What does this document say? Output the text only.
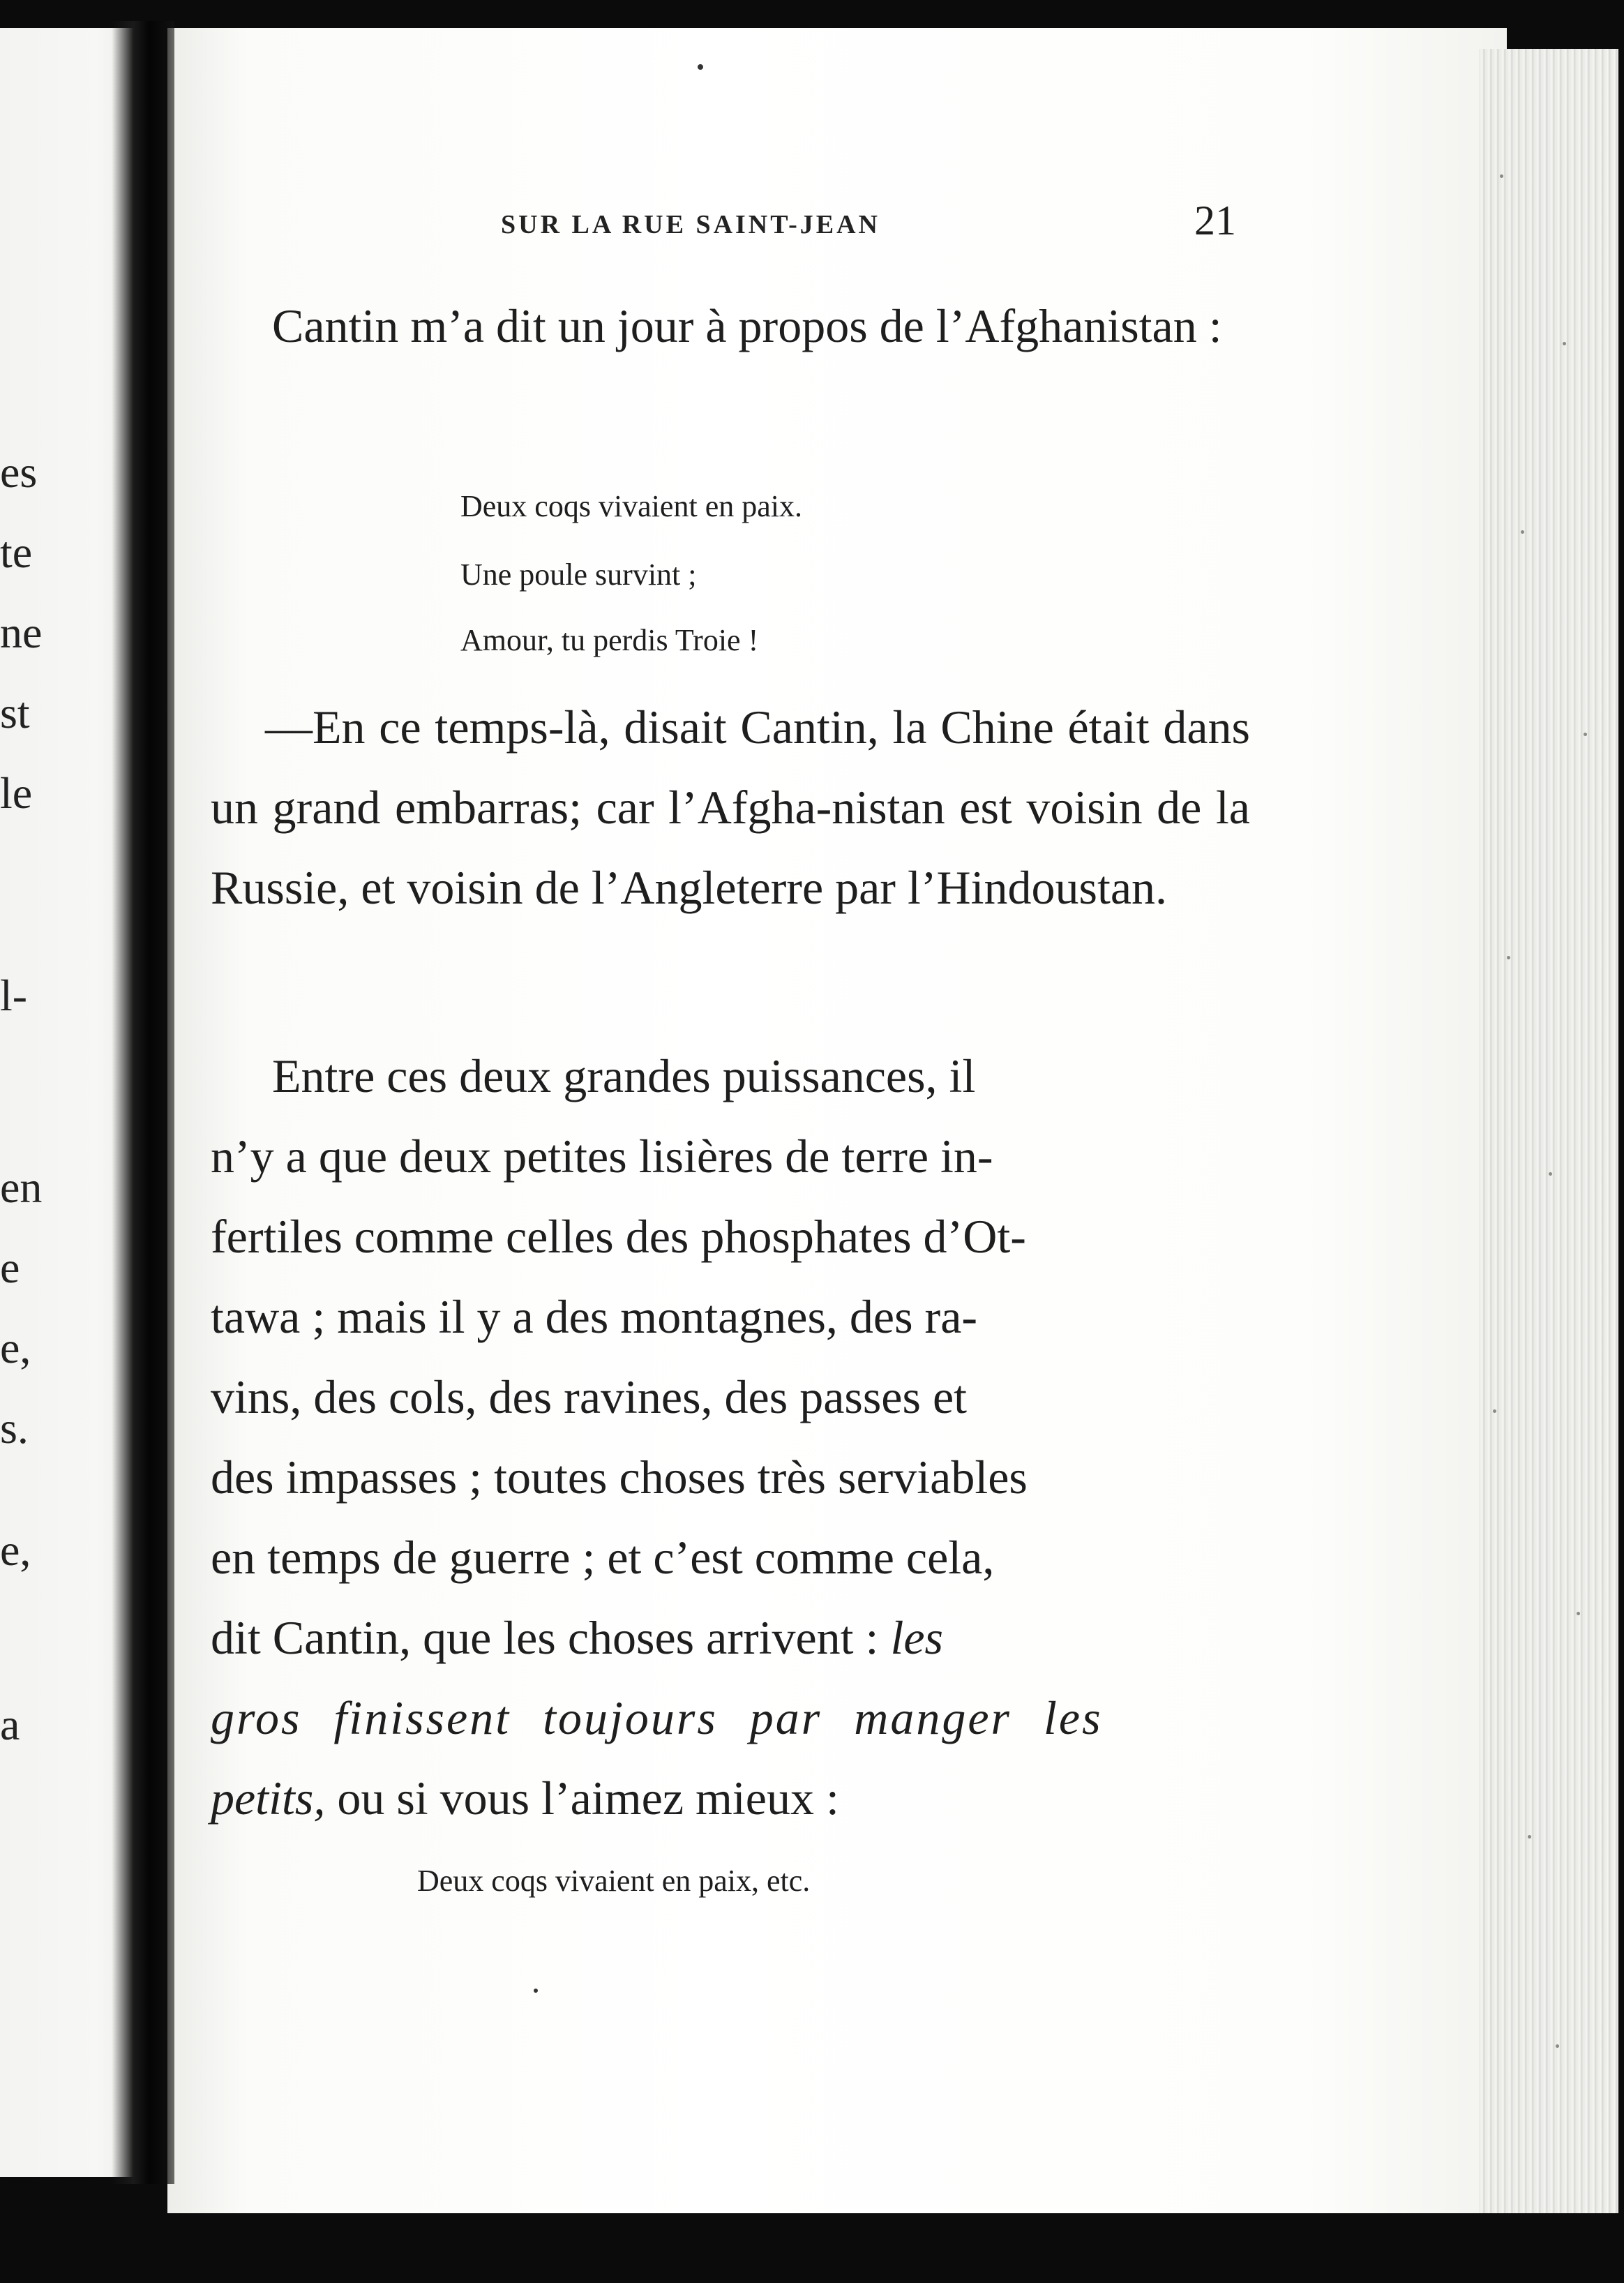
es
te
ne
st
le
l-
en
e
e,
s.
e,
a
SUR LA RUE SAINT-JEAN	21
Cantin m’a dit un jour à propos de l’Afghanistan :
Deux coqs vivaient en paix.
Une poule survint ;
Amour, tu perdis Troie !
—En ce temps-là, disait Cantin, la Chine était dans un grand embarras; car l’Afgha-nistan est voisin de la Russie, et voisin de l’Angleterre par l’Hindoustan.
Entre ces deux grandes puissances, il
n’y a que deux petites lisières de terre in-
fertiles comme celles des phosphates d’Ot-
tawa ; mais il y a des montagnes, des ra-
vins, des cols, des ravines, des passes et
des impasses ; toutes choses très serviables
en temps de guerre ; et c’est comme cela,
dit Cantin, que les choses arrivent : les
gros finissent toujours par manger les
petits, ou si vous l’aimez mieux :
Deux coqs vivaient en paix, etc.
